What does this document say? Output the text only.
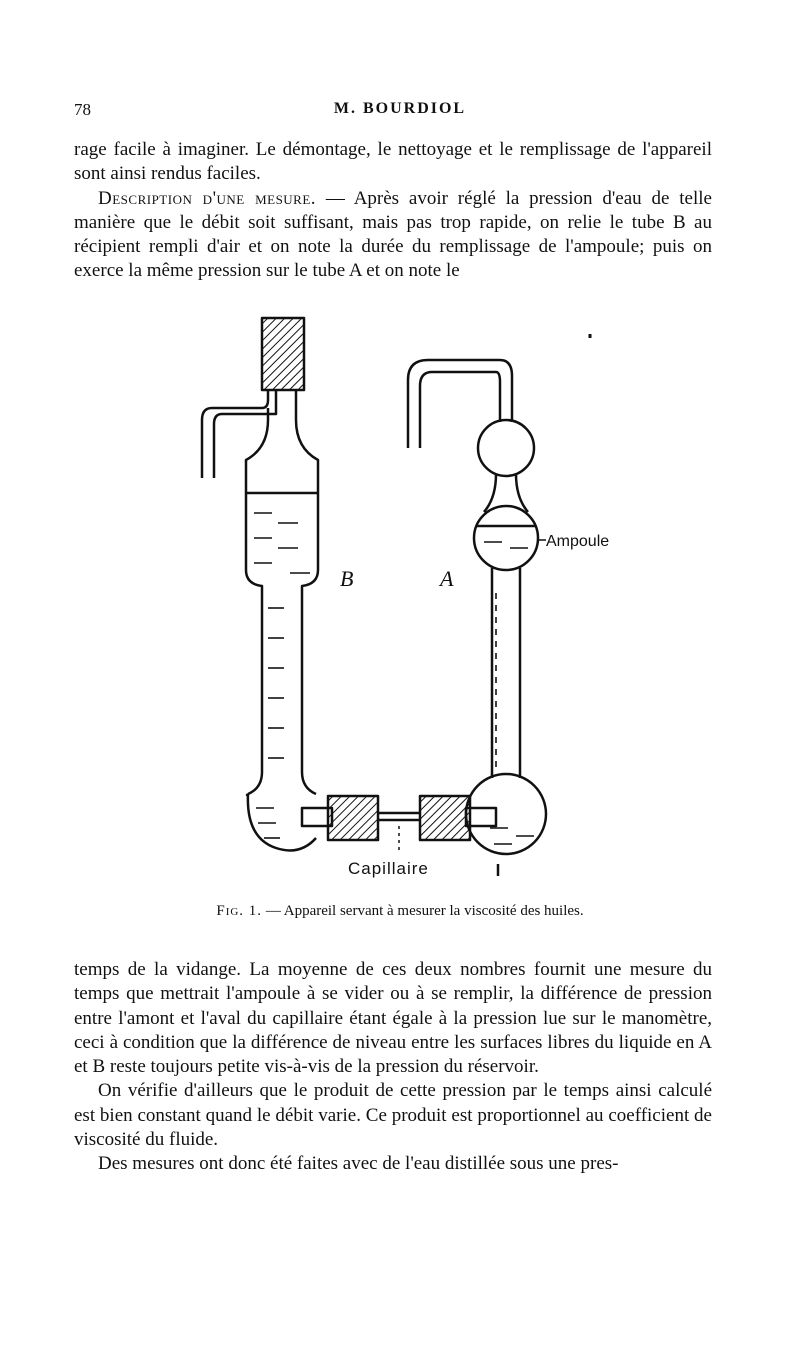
78	M. BOURDIOL

rage facile à imaginer. Le démontage, le nettoyage et le remplissage de l'appareil sont ainsi rendus faciles.

Description d'une mesure. — Après avoir réglé la pression d'eau de telle manière que le débit soit suffisant, mais pas trop rapide, on relie le tube B au récipient rempli d'air et on note la durée du remplissage de l'ampoule; puis on exerce la même pression sur le tube A et on note le

B	A
Ampoule
Capillaire
Fig. 1. — Appareil servant à mesurer la viscosité des huiles.

temps de la vidange. La moyenne de ces deux nombres fournit une mesure du temps que mettrait l'ampoule à se vider ou à se remplir, la différence de pression entre l'amont et l'aval du capillaire étant égale à la pression lue sur le manomètre, ceci à condition que la différence de niveau entre les surfaces libres du liquide en A et B reste toujours petite vis-à-vis de la pression du réservoir.

On vérifie d'ailleurs que le produit de cette pression par le temps ainsi calculé est bien constant quand le débit varie. Ce produit est proportionnel au coefficient de viscosité du fluide.

Des mesures ont donc été faites avec de l'eau distillée sous une pres-
